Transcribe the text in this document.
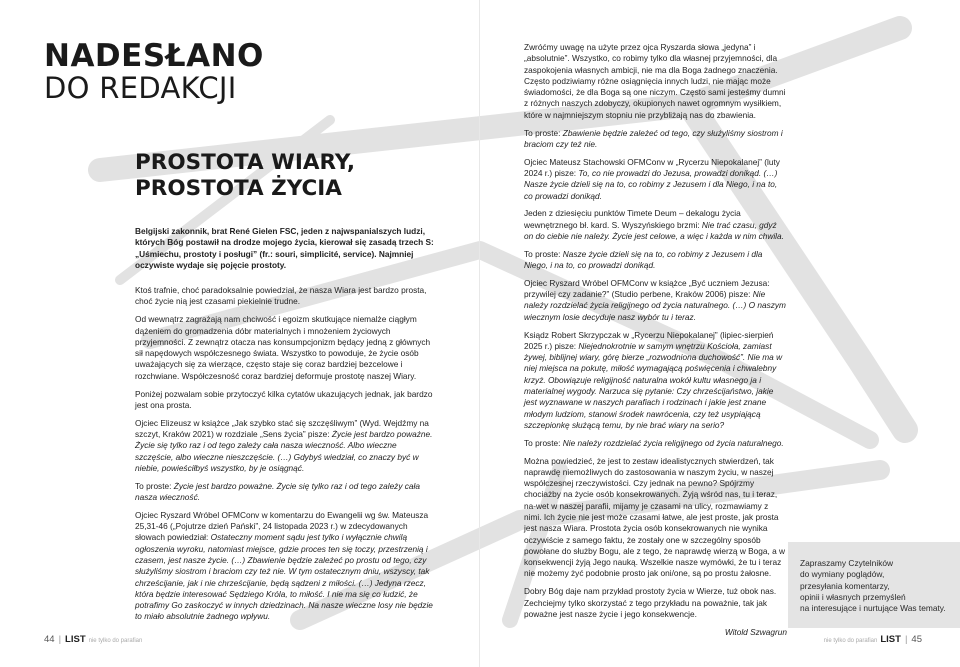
NADESŁANO
DO REDAKCJI
PROSTOTA WIARY,
PROSTOTA ŻYCIA

Belgijski zakonnik, brat René Gielen FSC, jeden z najwspanialszych ludzi, których Bóg postawił na drodze mojego życia, kierował się zasadą trzech S: „Uśmiechu, prostoty i posługi” (fr.: souri, simplicité, service). Najmniej oczywiste wydaje się pojęcie prostoty.

Ktoś trafnie, choć paradoksalnie powiedział, że nasza Wiara jest bardzo prosta, choć życie nią jest czasami piekielnie trudne.

Od wewnątrz zagrażają nam chciwość i egoizm skutkujące niemalże ciągłym dążeniem do gromadzenia dóbr materialnych i mnożeniem życiowych przyjemności. Z zewnątrz otacza nas konsumpcjonizm będący jedną z głównych sił napędowych współczesnego świata. Wszystko to powoduje, że życie osób uważających się za wierzące, często staje się coraz bardziej bezcelowe i rozchwiane. Współczesność coraz bardziej deformuje prostotę naszej Wiary.

Poniżej pozwalam sobie przytoczyć kilka cytatów ukazujących jednak, jak bardzo jest ona prosta.

Ojciec Elizeusz w książce „Jak szybko stać się szczęśliwym” (Wyd. Wejdźmy na szczyt, Kraków 2021) w rozdziale „Sens życia” pisze: Życie jest bardzo poważne. Życie się tylko raz i od tego zależy cała nasza wieczność. Albo wieczne szczęście, albo wieczne nieszczęście. (…) Gdybyś wiedział, co znaczy być w niebie, powieściłbyś wszystko, by je osiągnąć.

To proste: Życie jest bardzo poważne. Życie się tylko raz i od tego zależy cała nasza wieczność.

Ojciec Ryszard Wróbel OFMConv w komentarzu do Ewangelii wg św. Mateusza 25,31-46 („Pojutrze dzień Pański”, 24 listopada 2023 r.) w zdecydowanych słowach powiedział: Ostateczny moment sądu jest tylko i wyłącznie chwilą ogłoszenia wyroku, natomiast miejsce, gdzie proces ten się toczy, przestrzenią i czasem, jest nasze życie. (…) Zbawienie będzie zależeć po prostu od tego, czy służyliśmy siostrom i braciom czy też nie. W tym ostatecznym dniu, wszyscy, tak chrześcijanie, jak i nie chrześcijanie, będą sądzeni z miłości. (…) Jedyna rzecz, która będzie interesować Sędziego Króla, to miłość. I nie ma się co łudzić, że potrafimy Go zaskoczyć w innych dziedzinach. Na nasze wieczne losy nie będzie to miało absolutnie żadnego wpływu.

Zwróćmy uwagę na użyte przez ojca Ryszarda słowa „jedyna” i „absolutnie”. Wszystko, co robimy tylko dla własnej przyjemności, dla zaspokojenia własnych ambicji, nie ma dla Boga żadnego znaczenia. Często podziwiamy różne osiągnięcia innych ludzi, nie mając może świadomości, że dla Boga są one niczym. Często sami jesteśmy dumni z różnych naszych zdobyczy, okupionych nawet ogromnym wysiłkiem, które w najmniejszym stopniu nie przybliżają nas do zbawienia.

To proste: Zbawienie będzie zależeć od tego, czy służyliśmy siostrom i braciom czy też nie.

Ojciec Mateusz Stachowski OFMConv w „Rycerzu Niepokalanej” (luty 2024 r.) pisze: To, co nie prowadzi do Jezusa, prowadzi donikąd. (…) Nasze życie dzieli się na to, co robimy z Jezusem i dla Niego, i na to, co prowadzi donikąd.

Jeden z dziesięciu punktów Timete Deum – dekalogu życia wewnętrznego bł. kard. S. Wyszyńskiego brzmi: Nie trać czasu, gdyż on do ciebie nie należy. Życie jest celowe, a więc i każda w nim chwila.

To proste: Nasze życie dzieli się na to, co robimy z Jezusem i dla Niego, i na to, co prowadzi donikąd.

Ojciec Ryszard Wróbel OFMConv w książce „Być uczniem Jezusa: przywilej czy zadanie?” (Studio perbene, Kraków 2006) pisze: Nie należy rozdzielać życia religijnego od życia naturalnego. (…) O naszym wiecznym losie decyduje nasz wybór tu i teraz.

Ksiądz Robert Skrzypczak w „Rycerzu Niepokalanej” (lipiec-sierpień 2025 r.) pisze: Niejednokrotnie w samym wnętrzu Kościoła, zamiast żywej, biblijnej wiary, górę bierze „rozwodniona duchowość”. Nie ma w niej miejsca na pokutę, miłość wymagającą poświęcenia i chwalebny krzyż. Obowiązuje religijność naturalna wokół kultu własnego ja i materialnej wygody. Narzuca się pytanie: Czy chrześcijaństwo, jakie jest wyznawane w naszych parafiach i rodzinach i jakie jest znane młodym ludziom, stanowi środek nawrócenia, czy też usypiającą szczepionkę służącą temu, by nie brać wiary na serio?

To proste: Nie należy rozdzielać życia religijnego od życia naturalnego.

Można powiedzieć, że jest to zestaw idealistycznych stwierdzeń, tak naprawdę niemożliwych do zastosowania w naszym życiu, w naszej współczesnej rzeczywistości. Czy jednak na pewno? Spójrzmy chociażby na życie osób konsekrowanych. Żyją wśród nas, tu i teraz, na-wet w naszej parafii, mijamy je czasami na ulicy, rozmawiamy z nimi. Ich życie nie jest może czasami łatwe, ale jest proste, jak prosta jest nasza Wiara. Prostota życia osób konsekrowanych nie wynika oczywiście z samego faktu, że zostały one w szczególny sposób powołane do służby Bogu, ale z tego, że naprawdę wierzą w Boga, a w konsekwencji żyją Jego nauką. Wszelkie nasze wymówki, że tu i teraz nie możemy żyć podobnie prosto jak oni/one, są po prostu żałosne.

Dobry Bóg daje nam przykład prostoty życia w Wierze, tuż obok nas. Zechciejmy tylko skorzystać z tego przykładu na poważnie, tak jak poważne jest nasze życie i jego konsekwencje.

Witold Szwagrun
Zapraszamy Czytelników
do wymiany poglądów,
przesyłania komentarzy,
opinii i własnych przemyśleń
na interesujące i nurtujące Was tematy.
44 | LIST nie tylko do parafian	nie tylko do parafian LIST | 45
